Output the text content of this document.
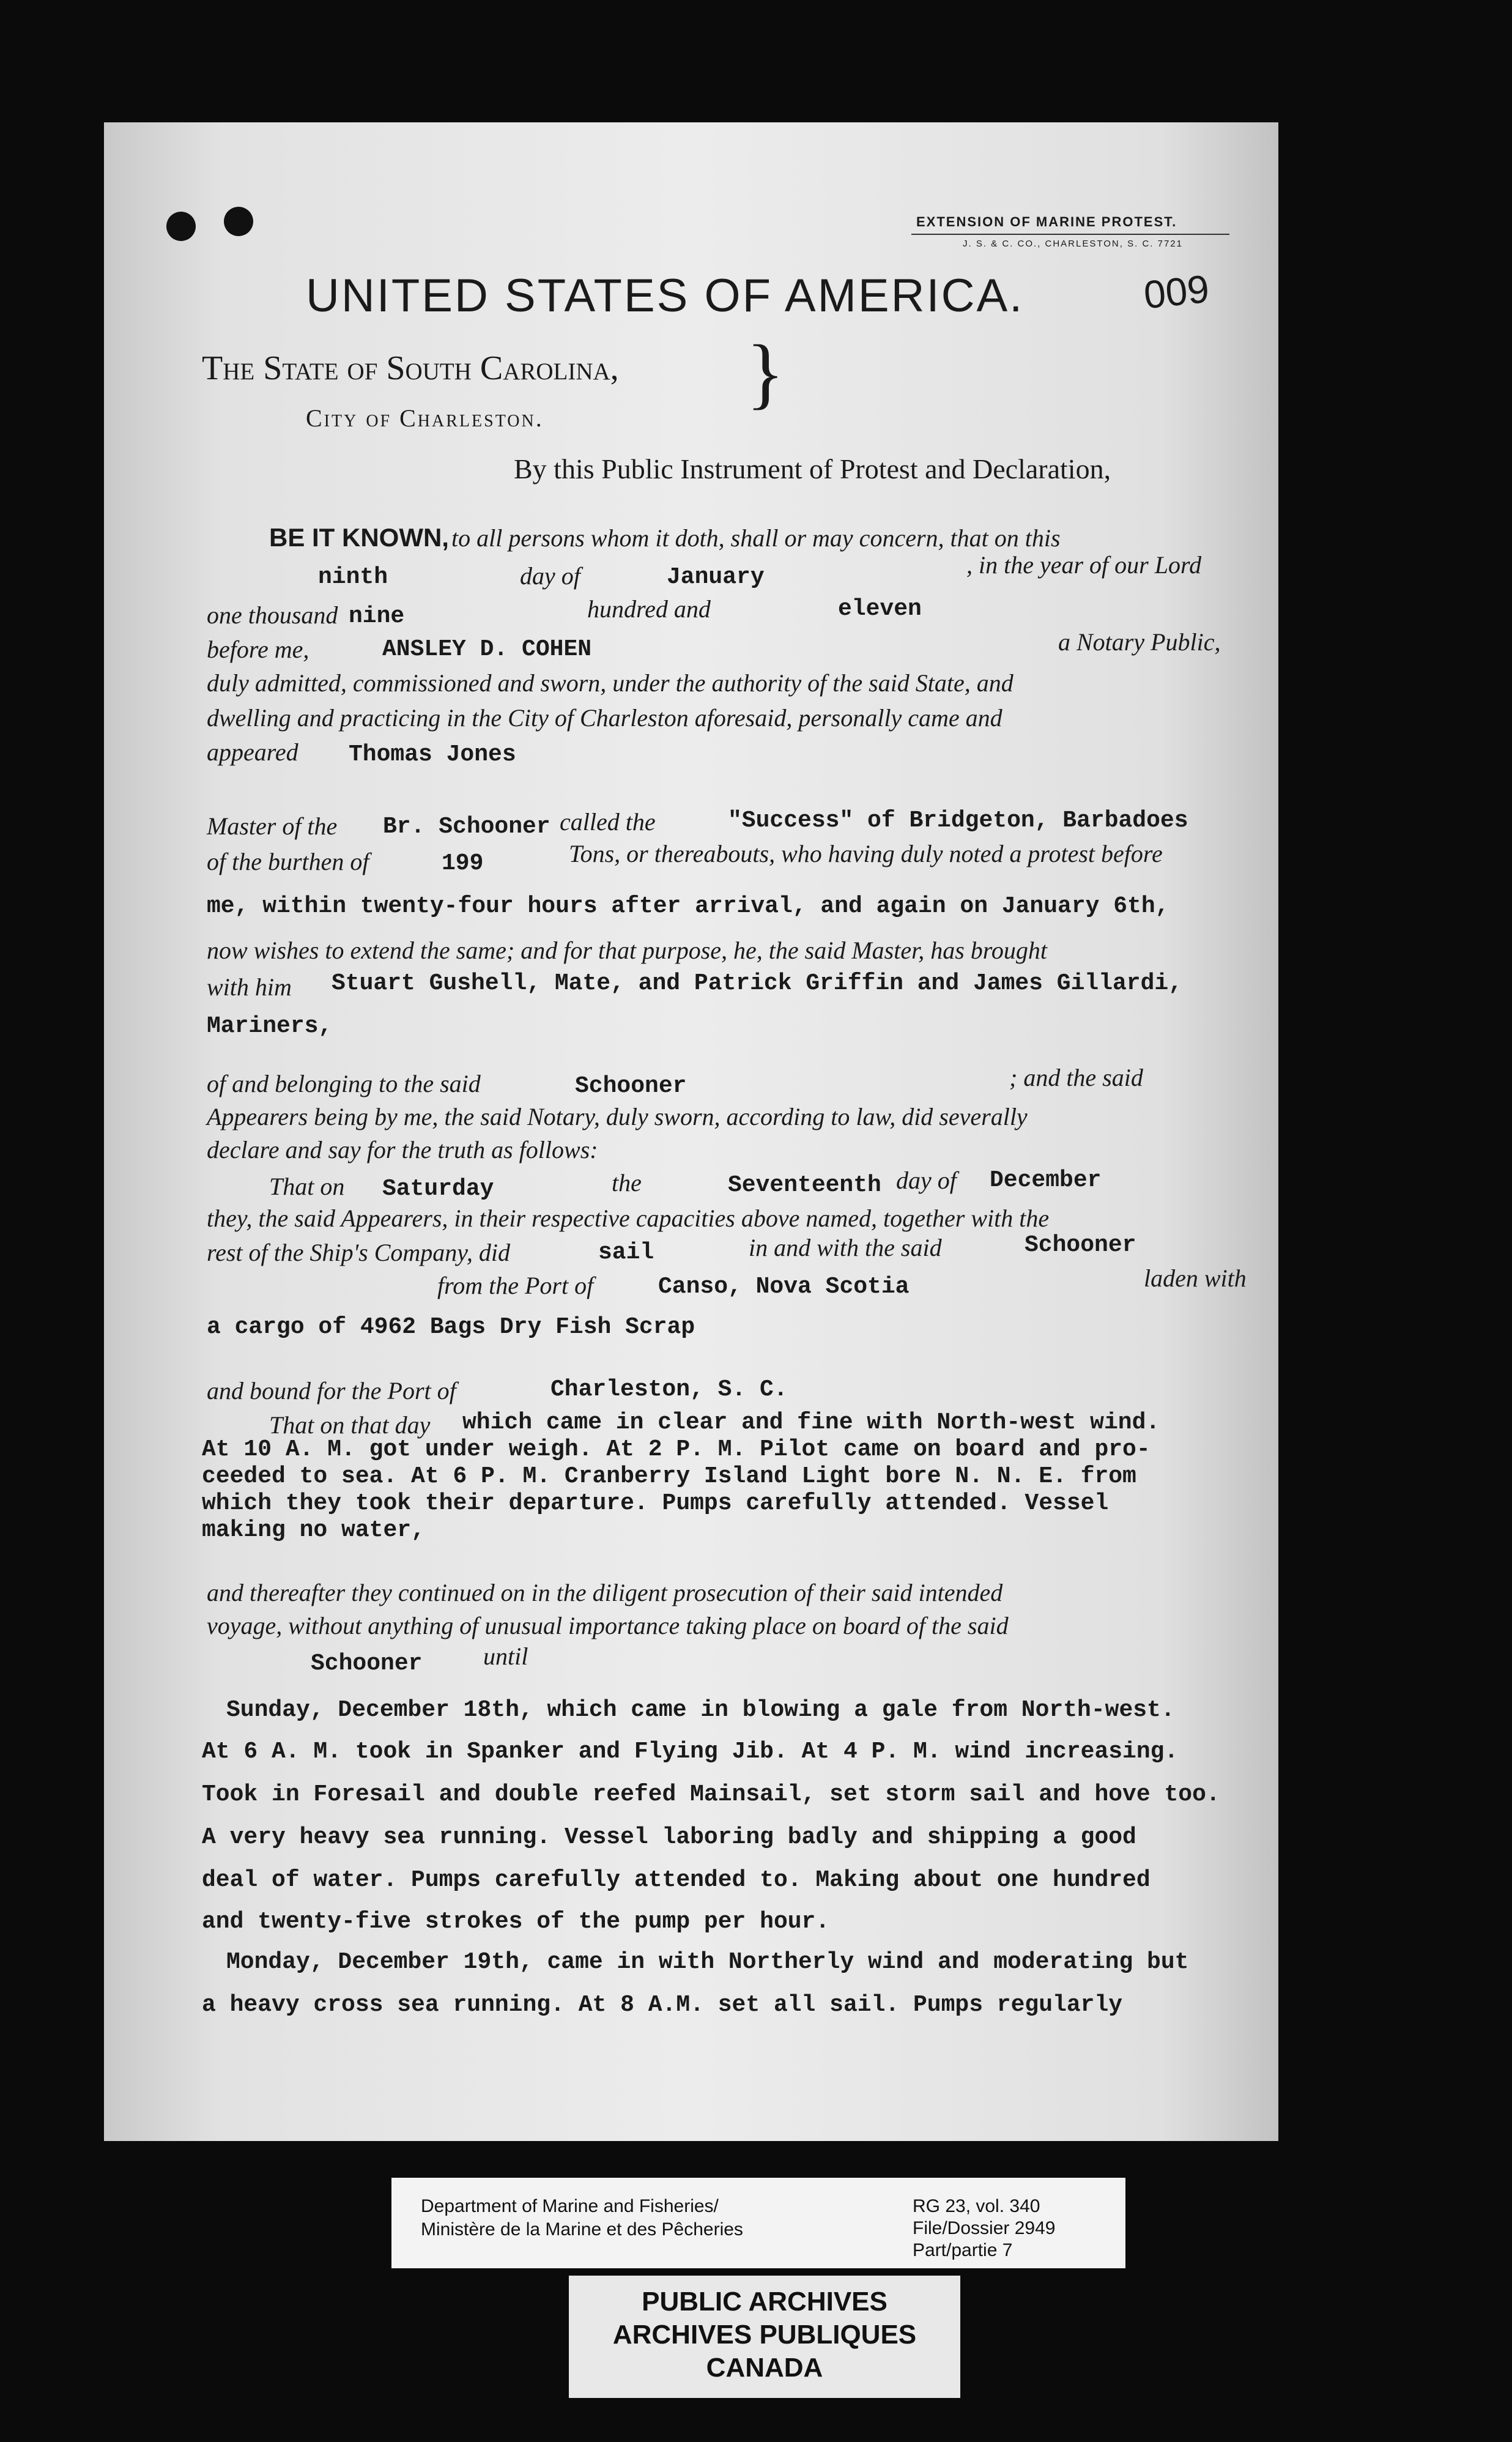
EXTENSION OF MARINE PROTEST.
J. S. & C. CO., CHARLESTON, S. C. 7721
UNITED STATES OF AMERICA.	009
The State of South Carolina, }
City of Charleston.
By this Public Instrument of Protest and Declaration,
BE IT KNOWN, to all persons whom it doth, shall or may concern, that on this
ninth	day of	January	, in the year of our Lord
one thousand nine	hundred and	eleven
before me,	ANSLEY D. COHEN	a Notary Public,
duly admitted, commissioned and sworn, under the authority of the said State, and
dwelling and practicing in the City of Charleston aforesaid, personally came and
appeared Thomas Jones
Master of the Br. Schooner called the	"Success" of Bridgeton, Barbadoes
of the burthen of	199	Tons, or thereabouts, who having duly noted a protest before
me, within twenty-four hours after arrival, and again on January 6th,
now wishes to extend the same; and for that purpose, he, the said Master, has brought
with him Stuart Gushell, Mate, and Patrick Griffin and James Gillardi,
Mariners,
of and belonging to the said	Schooner	; and the said
Appearers being by me, the said Notary, duly sworn, according to law, did severally
declare and say for the truth as follows:
That on Saturday	the	Seventeenth day of December
they, the said Appearers, in their respective capacities above named, together with the
rest of the Ship's Company, did	sail	in and with the said	Schooner
from the Port of	Canso, Nova Scotia	laden with
a cargo of 4962 Bags Dry Fish Scrap
and bound for the Port of	Charleston, S. C.
That on that day which came in clear and fine with North-west wind.
At 10 A. M. got under weigh. At 2 P. M. Pilot came on board and pro-
ceeded to sea. At 6 P. M. Cranberry Island Light bore N. N. E. from
which they took their departure. Pumps carefully attended. Vessel
making no water,
and thereafter they continued on in the diligent prosecution of their said intended
voyage, without anything of unusual importance taking place on board of the said
Schooner until
Sunday, December 18th, which came in blowing a gale from North-west.
At 6 A. M. took in Spanker and Flying Jib. At 4 P. M. wind increasing.
Took in Foresail and double reefed Mainsail, set storm sail and hove too.
A very heavy sea running. Vessel laboring badly and shipping a good
deal of water. Pumps carefully attended to. Making about one hundred
and twenty-five strokes of the pump per hour.
Monday, December 19th, came in with Northerly wind and moderating but
a heavy cross sea running. At 8 A.M. set all sail. Pumps regularly
Department of Marine and Fisheries/
Ministère de la Marine et des Pêcheries
RG 23, vol. 340
File/Dossier 2949
Part/partie 7
PUBLIC ARCHIVES
ARCHIVES PUBLIQUES
CANADA
